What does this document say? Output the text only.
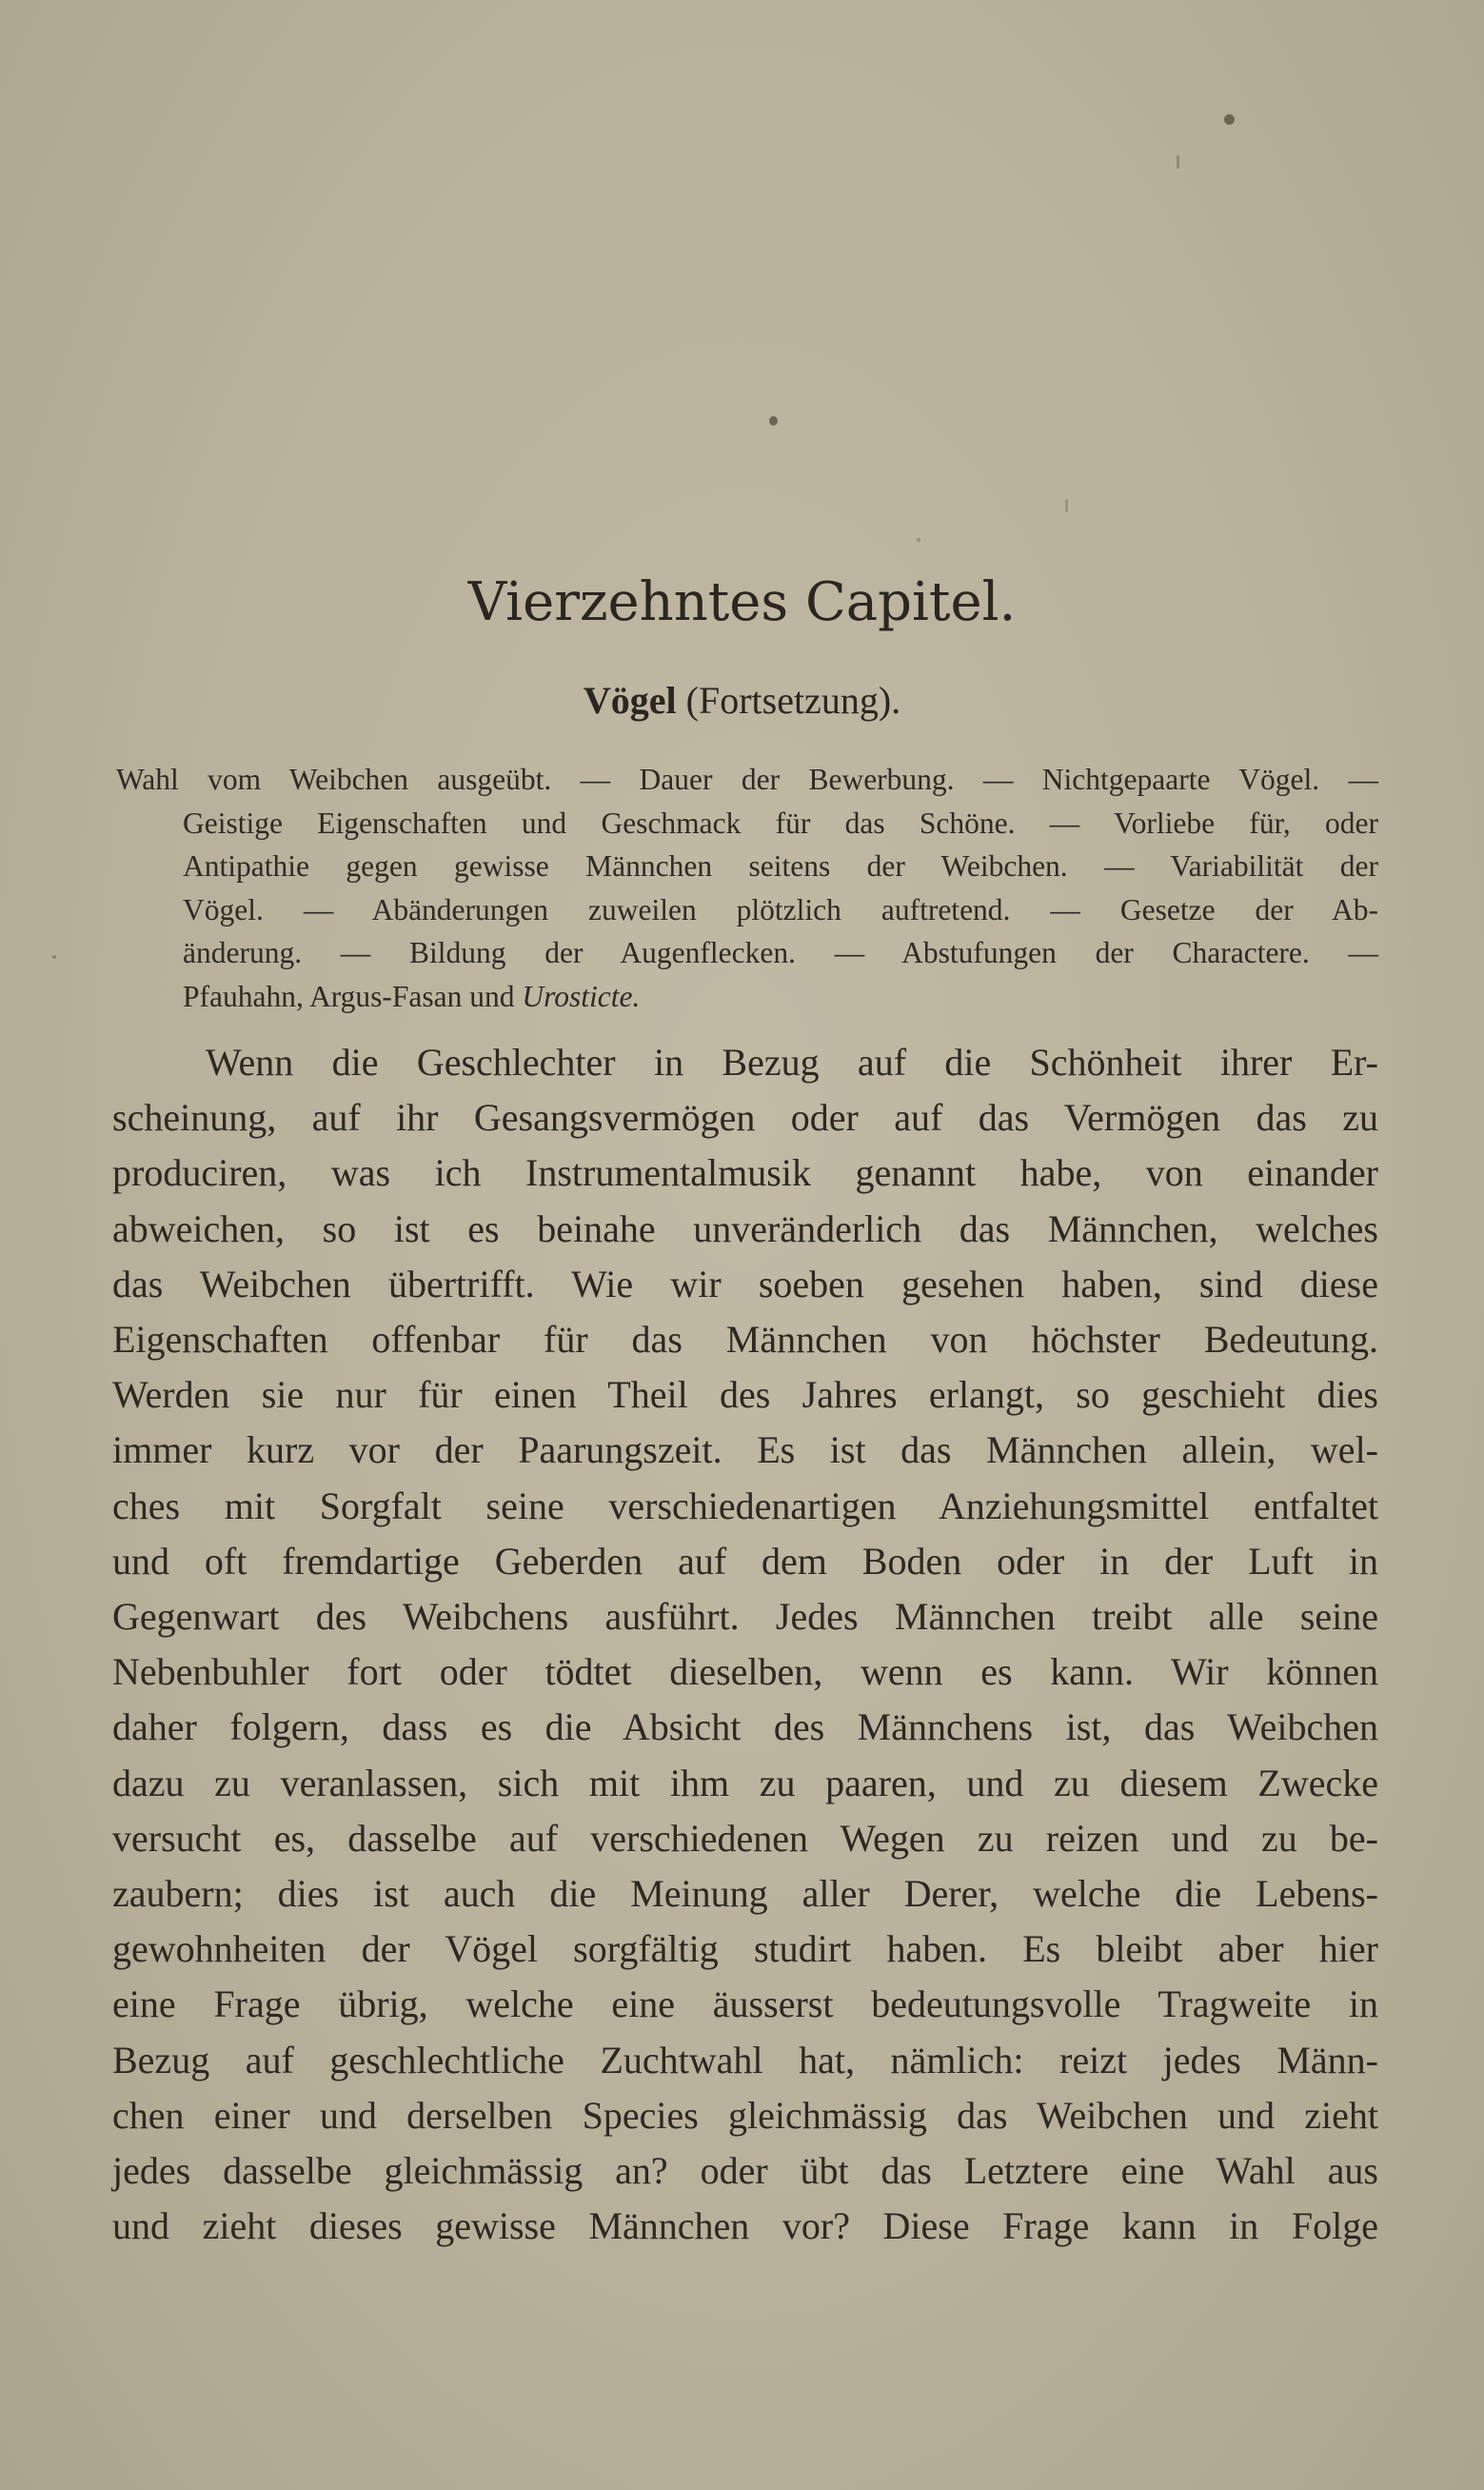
Vierzehntes Capitel.
Vögel (Fortsetzung).
Wahl vom Weibchen ausgeübt. — Dauer der Bewerbung. — Nichtgepaarte Vögel. —
Geistige Eigenschaften und Geschmack für das Schöne. — Vorliebe für, oder
Antipathie gegen gewisse Männchen seitens der Weibchen. — Variabilität der
Vögel. — Abänderungen zuweilen plötzlich auftretend. — Gesetze der Ab-
änderung. — Bildung der Augenflecken. — Abstufungen der Charactere. —
Pfauhahn, Argus-Fasan und Urosticte.
Wenn die Geschlechter in Bezug auf die Schönheit ihrer Er-
scheinung, auf ihr Gesangsvermögen oder auf das Vermögen das zu
produciren, was ich Instrumentalmusik genannt habe, von einander
abweichen, so ist es beinahe unveränderlich das Männchen, welches
das Weibchen übertrifft. Wie wir soeben gesehen haben, sind diese
Eigenschaften offenbar für das Männchen von höchster Bedeutung.
Werden sie nur für einen Theil des Jahres erlangt, so geschieht dies
immer kurz vor der Paarungszeit. Es ist das Männchen allein, wel-
ches mit Sorgfalt seine verschiedenartigen Anziehungsmittel entfaltet
und oft fremdartige Geberden auf dem Boden oder in der Luft in
Gegenwart des Weibchens ausführt. Jedes Männchen treibt alle seine
Nebenbuhler fort oder tödtet dieselben, wenn es kann. Wir können
daher folgern, dass es die Absicht des Männchens ist, das Weibchen
dazu zu veranlassen, sich mit ihm zu paaren, und zu diesem Zwecke
versucht es, dasselbe auf verschiedenen Wegen zu reizen und zu be-
zaubern; dies ist auch die Meinung aller Derer, welche die Lebens-
gewohnheiten der Vögel sorgfältig studirt haben. Es bleibt aber hier
eine Frage übrig, welche eine äusserst bedeutungsvolle Tragweite in
Bezug auf geschlechtliche Zuchtwahl hat, nämlich: reizt jedes Männ-
chen einer und derselben Species gleichmässig das Weibchen und zieht
jedes dasselbe gleichmässig an? oder übt das Letztere eine Wahl aus
und zieht dieses gewisse Männchen vor? Diese Frage kann in Folge
